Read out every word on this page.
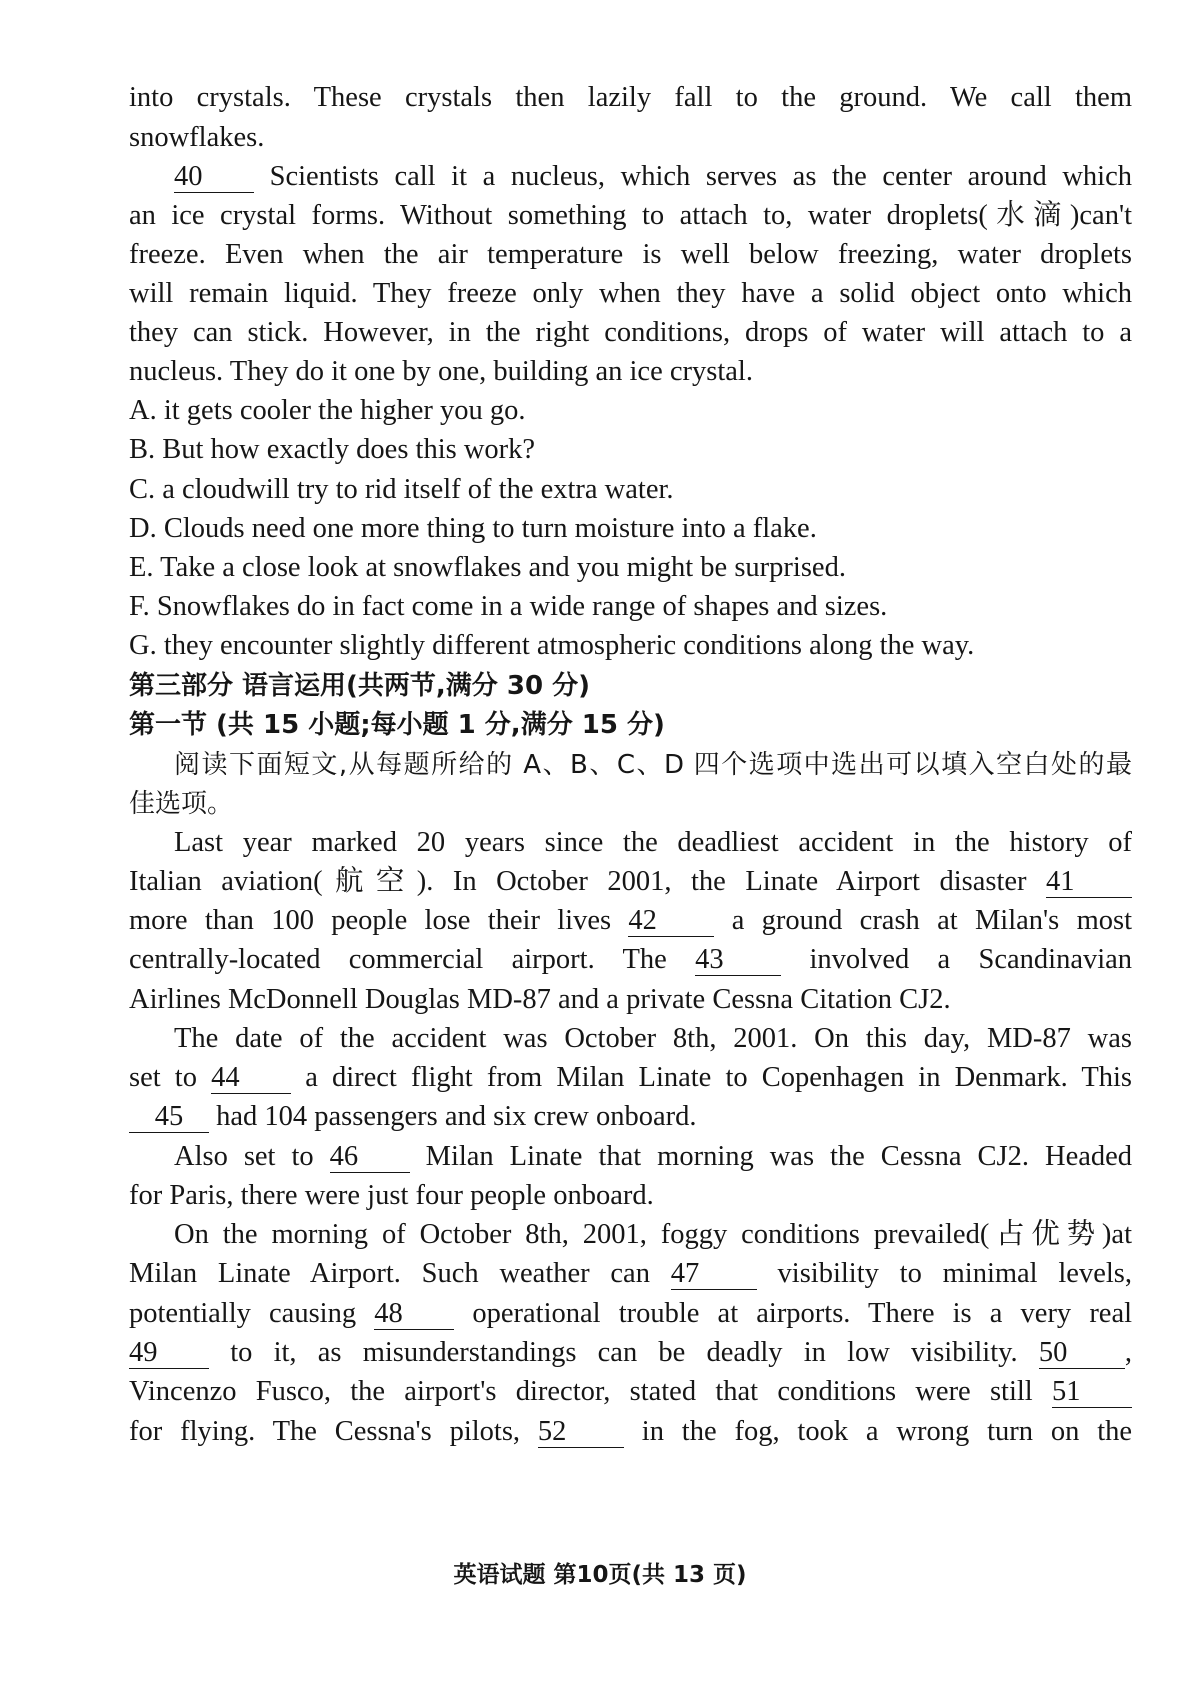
into crystals. These crystals then lazily fall to the ground. We call them
snowflakes.
40 Scientists call it a nucleus, which serves as the center around which
an ice crystal forms. Without something to attach to, water droplets(水滴)can't
freeze. Even when the air temperature is well below freezing, water droplets
will remain liquid. They freeze only when they have a solid object onto which
they can stick. However, in the right conditions, drops of water will attach to a
nucleus. They do it one by one, building an ice crystal.
A. it gets cooler the higher you go.
B. But how exactly does this work?
C. a cloudwill try to rid itself of the extra water.
D. Clouds need one more thing to turn moisture into a flake.
E. Take a close look at snowflakes and you might be surprised.
F. Snowflakes do in fact come in a wide range of shapes and sizes.
G. they encounter slightly different atmospheric conditions along the way.
第三部分 语言运用(共两节,满分 30 分)
第一节 (共 15 小题;每小题 1 分,满分 15 分)
阅读下面短文,从每题所给的 A、B、C、D 四个选项中选出可以填入空白处的最
佳选项。
Last year marked 20 years since the deadliest accident in the history of
Italian aviation(航空). In October 2001, the Linate Airport disaster 41
more than 100 people lose their lives 42	a ground crash at Milan's most
centrally-located commercial airport. The 43	involved a Scandinavian
Airlines McDonnell Douglas MD-87 and a private Cessna Citation CJ2.
The date of the accident was October 8th, 2001. On this day, MD-87 was
set to 44 a direct flight from Milan Linate to Copenhagen in Denmark. This
45 had 104 passengers and six crew onboard.
Also set to 46 Milan Linate that morning was the Cessna CJ2. Headed
for Paris, there were just four people onboard.
On the morning of October 8th, 2001, foggy conditions prevailed(占优势)at
Milan Linate Airport. Such weather can 47	visibility to minimal levels,
potentially causing 48 operational trouble at airports. There is a very real
49	to it, as misunderstandings can be deadly in low visibility. 50 ,
Vincenzo Fusco, the airport's director, stated that conditions were still 51
for flying. The Cessna's pilots, 52	in the fog, took a wrong turn on the
英语试题 第10页(共 13 页)
